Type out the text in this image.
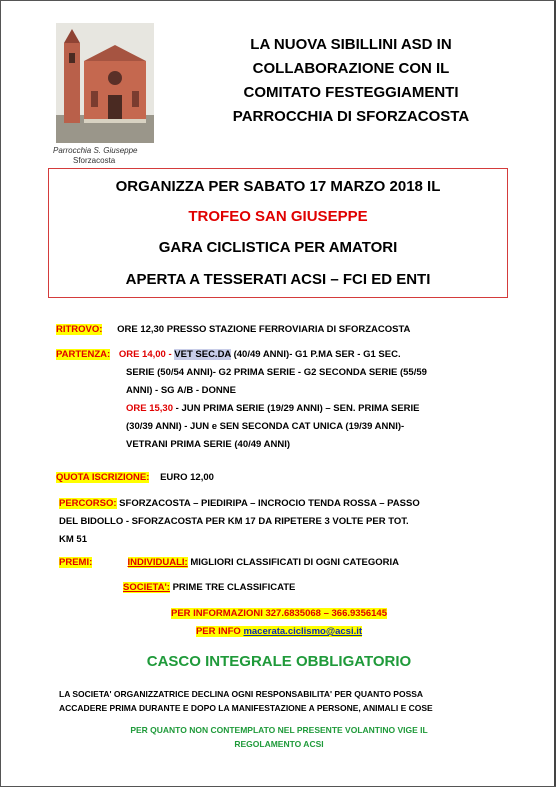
Parrocchia S. Giuseppe
Sforzacosta
LA NUOVA SIBILLINI ASD IN
COLLABORAZIONE CON IL
COMITATO FESTEGGIAMENTI
PARROCCHIA DI SFORZACOSTA
ORGANIZZA PER SABATO 17 MARZO 2018 IL
TROFEO SAN GIUSEPPE
GARA CICLISTICA PER AMATORI
APERTA A TESSERATI ACSI – FCI ED ENTI
RITROVO: ORE 12,30 PRESSO STAZIONE FERROVIARIA DI SFORZACOSTA
PARTENZA: ORE 14,00 - VET SEC.DA (40/49 ANNI)- G1 P.MA SER - G1 SEC.
SERIE (50/54 ANNI)- G2 PRIMA SERIE - G2 SECONDA SERIE (55/59
ANNI) - SG A/B - DONNE
ORE 15,30 - JUN PRIMA SERIE (19/29 ANNI) – SEN. PRIMA SERIE
(30/39 ANNI) - JUN e SEN SECONDA CAT UNICA (19/39 ANNI)-
VETRANI PRIMA SERIE (40/49 ANNI)
QUOTA ISCRIZIONE: EURO 12,00
PERCORSO: SFORZACOSTA – PIEDIRIPA – INCROCIO TENDA ROSSA – PASSO
DEL BIDOLLO - SFORZACOSTA PER KM 17 DA RIPETERE 3 VOLTE PER TOT.
KM 51
PREMI:	INDIVIDUALI: MIGLIORI CLASSIFICATI DI OGNI CATEGORIA
SOCIETA': PRIME TRE CLASSIFICATE
PER INFORMAZIONI 327.6835068 – 366.9356145
PER INFO macerata.ciclismo@acsi.it
CASCO INTEGRALE OBBLIGATORIO
LA SOCIETA' ORGANIZZATRICE DECLINA OGNI RESPONSABILITA' PER QUANTO POSSA
ACCADERE PRIMA DURANTE E DOPO LA MANIFESTAZIONE A PERSONE, ANIMALI E COSE
PER QUANTO NON CONTEMPLATO NEL PRESENTE VOLANTINO VIGE IL
REGOLAMENTO ACSI
